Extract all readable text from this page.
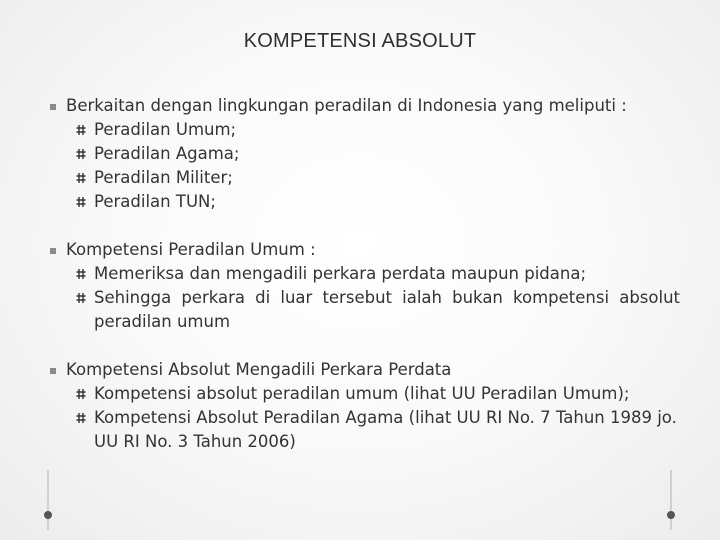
KOMPETENSI ABSOLUT
Berkaitan dengan lingkungan peradilan di Indonesia yang meliputi :
Peradilan Umum;
Peradilan Agama;
Peradilan Militer;
Peradilan TUN;
Kompetensi Peradilan Umum :
Memeriksa dan mengadili perkara perdata maupun pidana;
Sehingga perkara di luar tersebut ialah bukan kompetensi absolut peradilan umum
Kompetensi Absolut Mengadili Perkara Perdata
Kompetensi absolut peradilan umum (lihat UU Peradilan Umum);
Kompetensi Absolut Peradilan Agama (lihat UU RI No. 7 Tahun 1989 jo. UU RI No. 3 Tahun 2006)
